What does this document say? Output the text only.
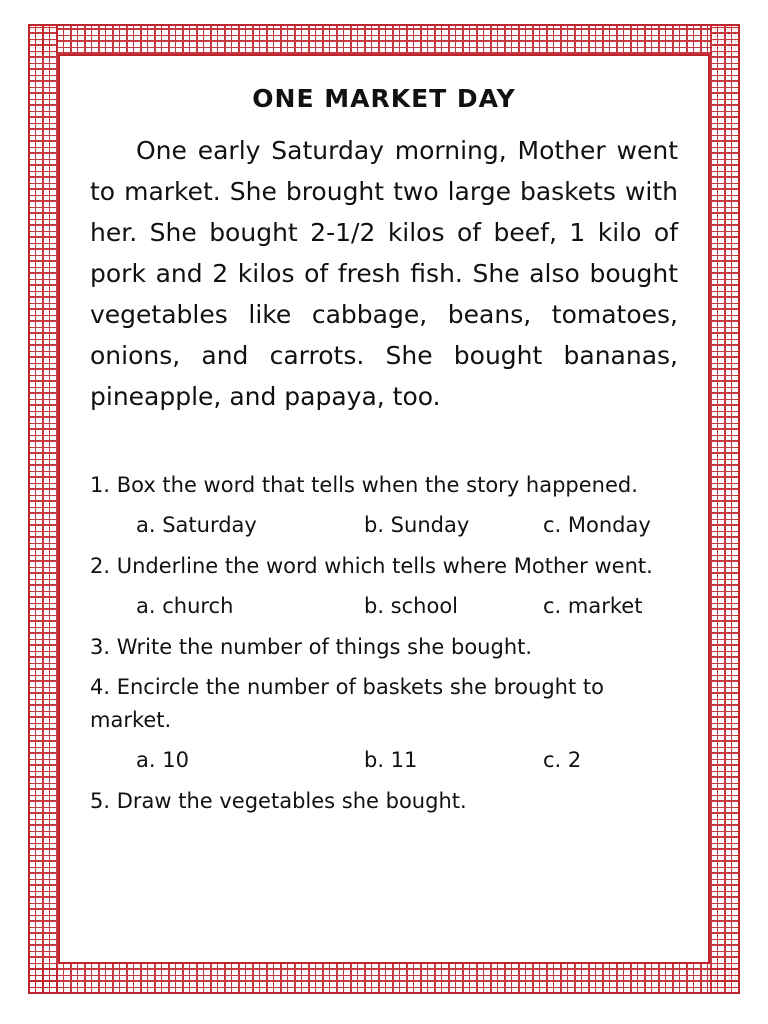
ONE MARKET DAY

One early Saturday morning, Mother went to market. She brought two large baskets with her. She bought 2-1/2 kilos of beef, 1 kilo of pork and 2 kilos of fresh fish. She also bought vegetables like cabbage, beans, tomatoes, onions, and carrots. She bought bananas, pineapple, and papaya, too.

1. Box the word that tells when the story happened.

a. Saturday	b. Sunday	c. Monday

2. Underline the word which tells where Mother went.

a. church	b. school	c. market

3. Write the number of things she bought.

4. Encircle the number of baskets she brought to market.

a. 10	b. 11	c. 2

5. Draw the vegetables she bought.
